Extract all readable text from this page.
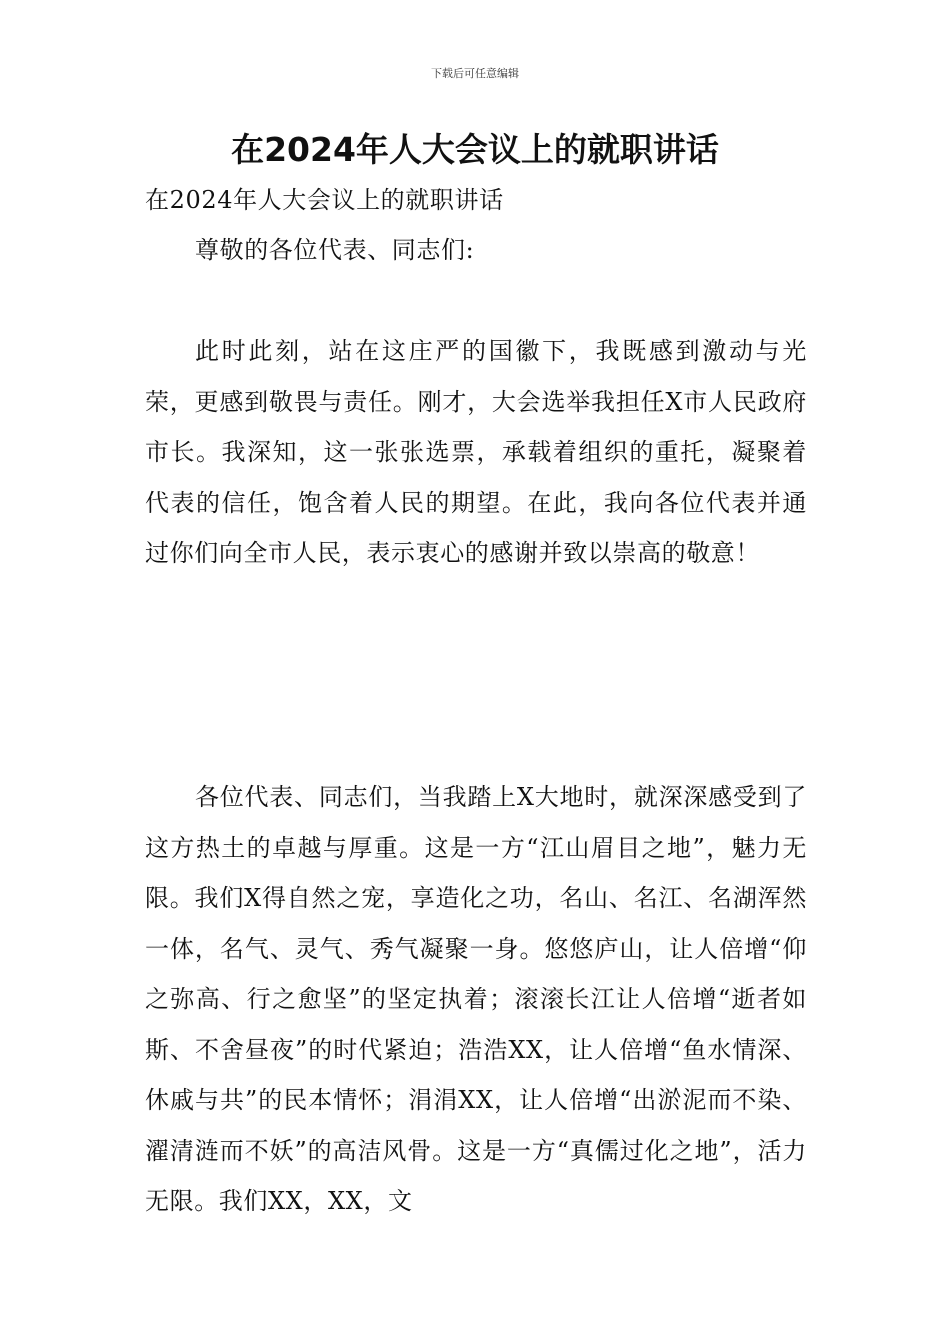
下载后可任意编辑
在2024年人大会议上的就职讲话
在2024年人大会议上的就职讲话
尊敬的各位代表、同志们:
此时此刻，站在这庄严的国徽下，我既感到激动与光荣，更感到敬畏与责任。刚才，大会选举我担任X市人民政府市长。我深知，这一张张选票，承载着组织的重托，凝聚着代表的信任，饱含着人民的期望。在此，我向各位代表并通过你们向全市人民，表示衷心的感谢并致以崇高的敬意！
各位代表、同志们，当我踏上X大地时，就深深感受到了这方热土的卓越与厚重。这是一方“江山眉目之地”，魅力无限。我们X得自然之宠，享造化之功，名山、名江、名湖浑然一体，名气、灵气、秀气凝聚一身。悠悠庐山，让人倍增“仰之弥高、行之愈坚”的坚定执着；滚滚长江让人倍增“逝者如斯、不舍昼夜”的时代紧迫；浩浩XX，让人倍增“鱼水情深、休戚与共”的民本情怀；涓涓XX，让人倍增“出淤泥而不染、濯清涟而不妖”的高洁风骨。这是一方“真儒过化之地”，活力无限。我们XX，XX，文
